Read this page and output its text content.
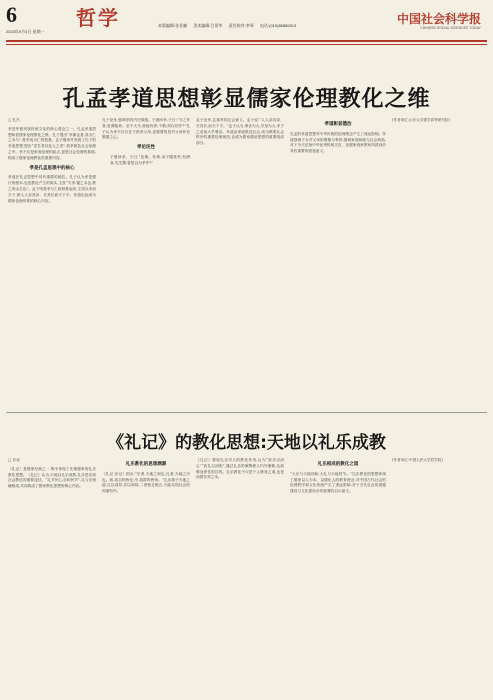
6
2023年9月4日 星期一
哲学	本版编辑:张亚廉 　 美术编辑:吕景华 　 责任校对:李琴 　 电话:(010)85886513	中国社会科学报
CHINESE SOCIAL SCIENCES TODAY
孔孟孝道思想彰显儒家伦理教化之维
□ 孔杰

孝是华夏民族传统文化的核心观念之一。孔孟孝道思想彰显儒家伦理教化之维。孔子提出“孝悌也者,其为仁之本与”,将孝视为仁的根基。孟子继承并发展了孔子的孝道思想,提出“老吾老以及人之老”,将孝推及社会伦理之中。孝不仅是家庭伦理的起点,更是社会伦理的基础,构成了儒家伦理教化的重要内容。

孝是孔孟思想中的核心

孝道在孔孟思想中具有重要的地位。孔子认为孝是德行的根本,也是教化产生的源头,主张“夫孝,德之本也,教之所由生也”。孟子则将孝与仁政联系起来,主张以孝治天下,使人人亲其亲、长其长而天下平。孝道由此成为儒家伦理体系的核心内容。

孔子论孝,强调孝的内在情感。子游问孝,子曰:“今之孝者,是谓能养。至于犬马,皆能有养;不敬,何以别乎?”孔子认为孝不仅仅在于供养父母,更重要的是对父母怀有敬重之心。

孝论民性

子夏问孝。子曰:“色难。有事,弟子服其劳;有酒食,先生馔,曾是以为孝乎?”

孟子论孝,注重孝的社会意义。孟子说:“人人亲其亲、长其长,而天下平。”孟子认为,事亲为大,守身为大,孝子之至莫大乎尊亲。孝道由家庭推及社会,成为维系社会秩序的重要伦理规范,也成为儒家德治思想的重要组成部分。

孝道彰显德治

孔孟的孝道思想对中华民族的伦理观念产生了深远影响。孝道强调子女对父母的尊敬与奉养,强调家庭和睦与社会和谐,对于今天弘扬中华优秀传统文化、加强家庭家教家风建设仍具有重要的借鉴意义。

(作者单位:山东大学儒学高等研究院)

《礼记》的教化思想:天地以礼乐成教
□ 乐成

《礼记》是儒家经典之一,集中体现了先秦儒家的礼乐教化思想。《礼记》认为,天地以礼乐成教,礼乐是实现社会教化的重要途径。“礼节民心,乐和民声”,礼与乐相辅相成,共同构成了儒家教化思想的核心内容。

礼乐教化的思想渊源

《礼记·乐记》指出:“乐者,天地之和也;礼者,天地之序也。和,故百物皆化;序,故群物皆别。”礼乐源于天地之道,礼以别异,乐以和同,二者相互配合,方能实现社会的和谐有序。

《礼记》重视礼乐对人的教化作用,认为“致乐以治心”“致礼以治躬”,通过礼乐的熏陶使人内外兼修,达到修身养性的目的。礼乐教化不仅是个人修身之道,也是治国安邦之本。

礼乐相成的教化之道

“大乐与天地同和,大礼与天地同节。”礼乐教化的思想体现了儒家以人为本、以德化人的教育理念,对中国古代社会的伦理秩序和文化传统产生了深远影响,对于当代社会的道德建设与文化建设亦有重要的启示意义。

(作者单位:中国人民大学哲学院)
